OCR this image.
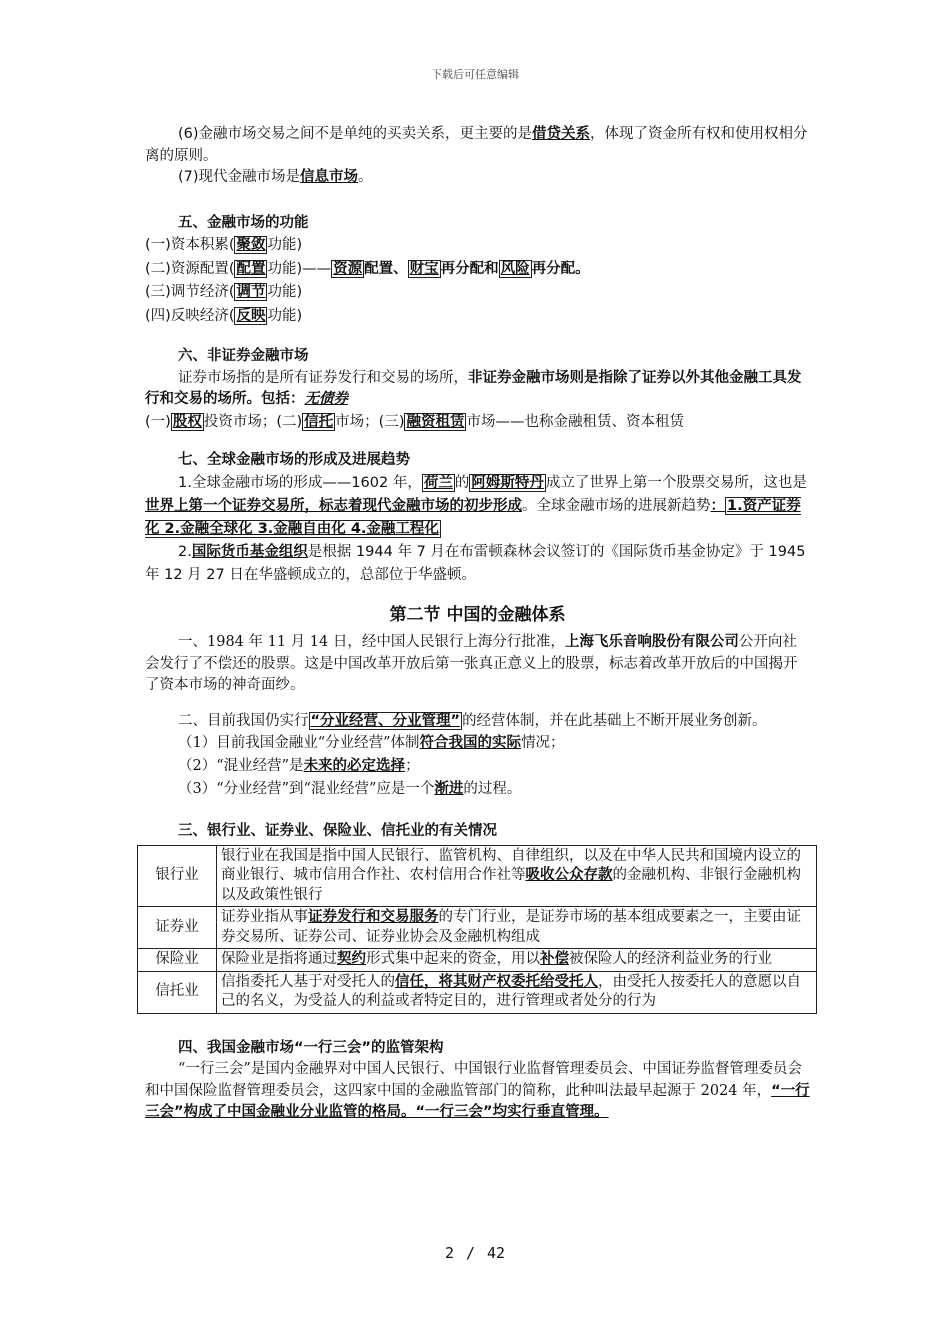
下载后可任意编辑

(6)金融市场交易之间不是单纯的买卖关系，更主要的是借贷关系，体现了资金所有权和使用权相分离的原则。

(7)现代金融市场是信息市场。

五、金融市场的功能

(一)资本积累( 聚敛 功能)

(二)资源配置( 配置 功能)—— 资源 配置、 财宝 再分配和 风险 再分配。

(三)调节经济( 调节 功能)

(四)反映经济( 反映 功能)

六、非证券金融市场

证券市场指的是所有证券发行和交易的场所，非证券金融市场则是指除了证券以外其他金融工具发行和交易的场所。包括：无债券

(一) 股权 投资市场；(二) 信托 市场；(三) 融资租赁 市场——也称金融租赁、资本租赁

七、全球金融市场的形成及进展趋势

1.全球金融市场的形成——1602 年， 荷兰 的 阿姆斯特丹 成立了世界上第一个股票交易所，这也是世界上第一个证券交易所，标志着现代金融市场的初步形成。全球金融市场的进展新趋势： 1.资产证券化 2.金融全球化 3.金融自由化 4.金融工程化

2.国际货币基金组织是根据 1944 年 7 月在布雷顿森林会议签订的《国际货币基金协定》于 1945 年 12 月 27 日在华盛顿成立的，总部位于华盛顿。

第二节 中国的金融体系

一、1984 年 11 月 14 日，经中国人民银行上海分行批准，上海飞乐音响股份有限公司公开向社会发行了不偿还的股票。这是中国改革开放后第一张真正意义上的股票，标志着改革开放后的中国揭开了资本市场的神奇面纱。

二、目前我国仍实行 “分业经营、分业管理” 的经营体制，并在此基础上不断开展业务创新。

（1）目前我国金融业“分业经营”体制符合我国的实际情况；

（2）“混业经营”是未来的必定选择；

（3）“分业经营”到“混业经营”应是一个渐进的过程。

三、银行业、证券业、保险业、信托业的有关情况

银行业	银行业在我国是指中国人民银行、监管机构、自律组织，以及在中华人民共和国境内设立的商业银行、城市信用合作社、农村信用合作社等吸收公众存款的金融机构、非银行金融机构以及政策性银行
证券业	证券业指从事证券发行和交易服务的专门行业，是证券市场的基本组成要素之一，主要由证券交易所、证券公司、证券业协会及金融机构组成
保险业	保险业是指将通过契约形式集中起来的资金，用以补偿被保险人的经济利益业务的行业
信托业	信指委托人基于对受托人的信任，将其财产权委托给受托人，由受托人按委托人的意愿以自己的名义，为受益人的利益或者特定目的，进行管理或者处分的行为

四、我国金融市场“一行三会”的监管架构

“一行三会”是国内金融界对中国人民银行、中国银行业监督管理委员会、中国证券监督管理委员会和中国保险监督管理委员会，这四家中国的金融监管部门的简称，此种叫法最早起源于 2024 年，“一行三会”构成了中国金融业分业监管的格局。“一行三会”均实行垂直管理。

2 / 42
